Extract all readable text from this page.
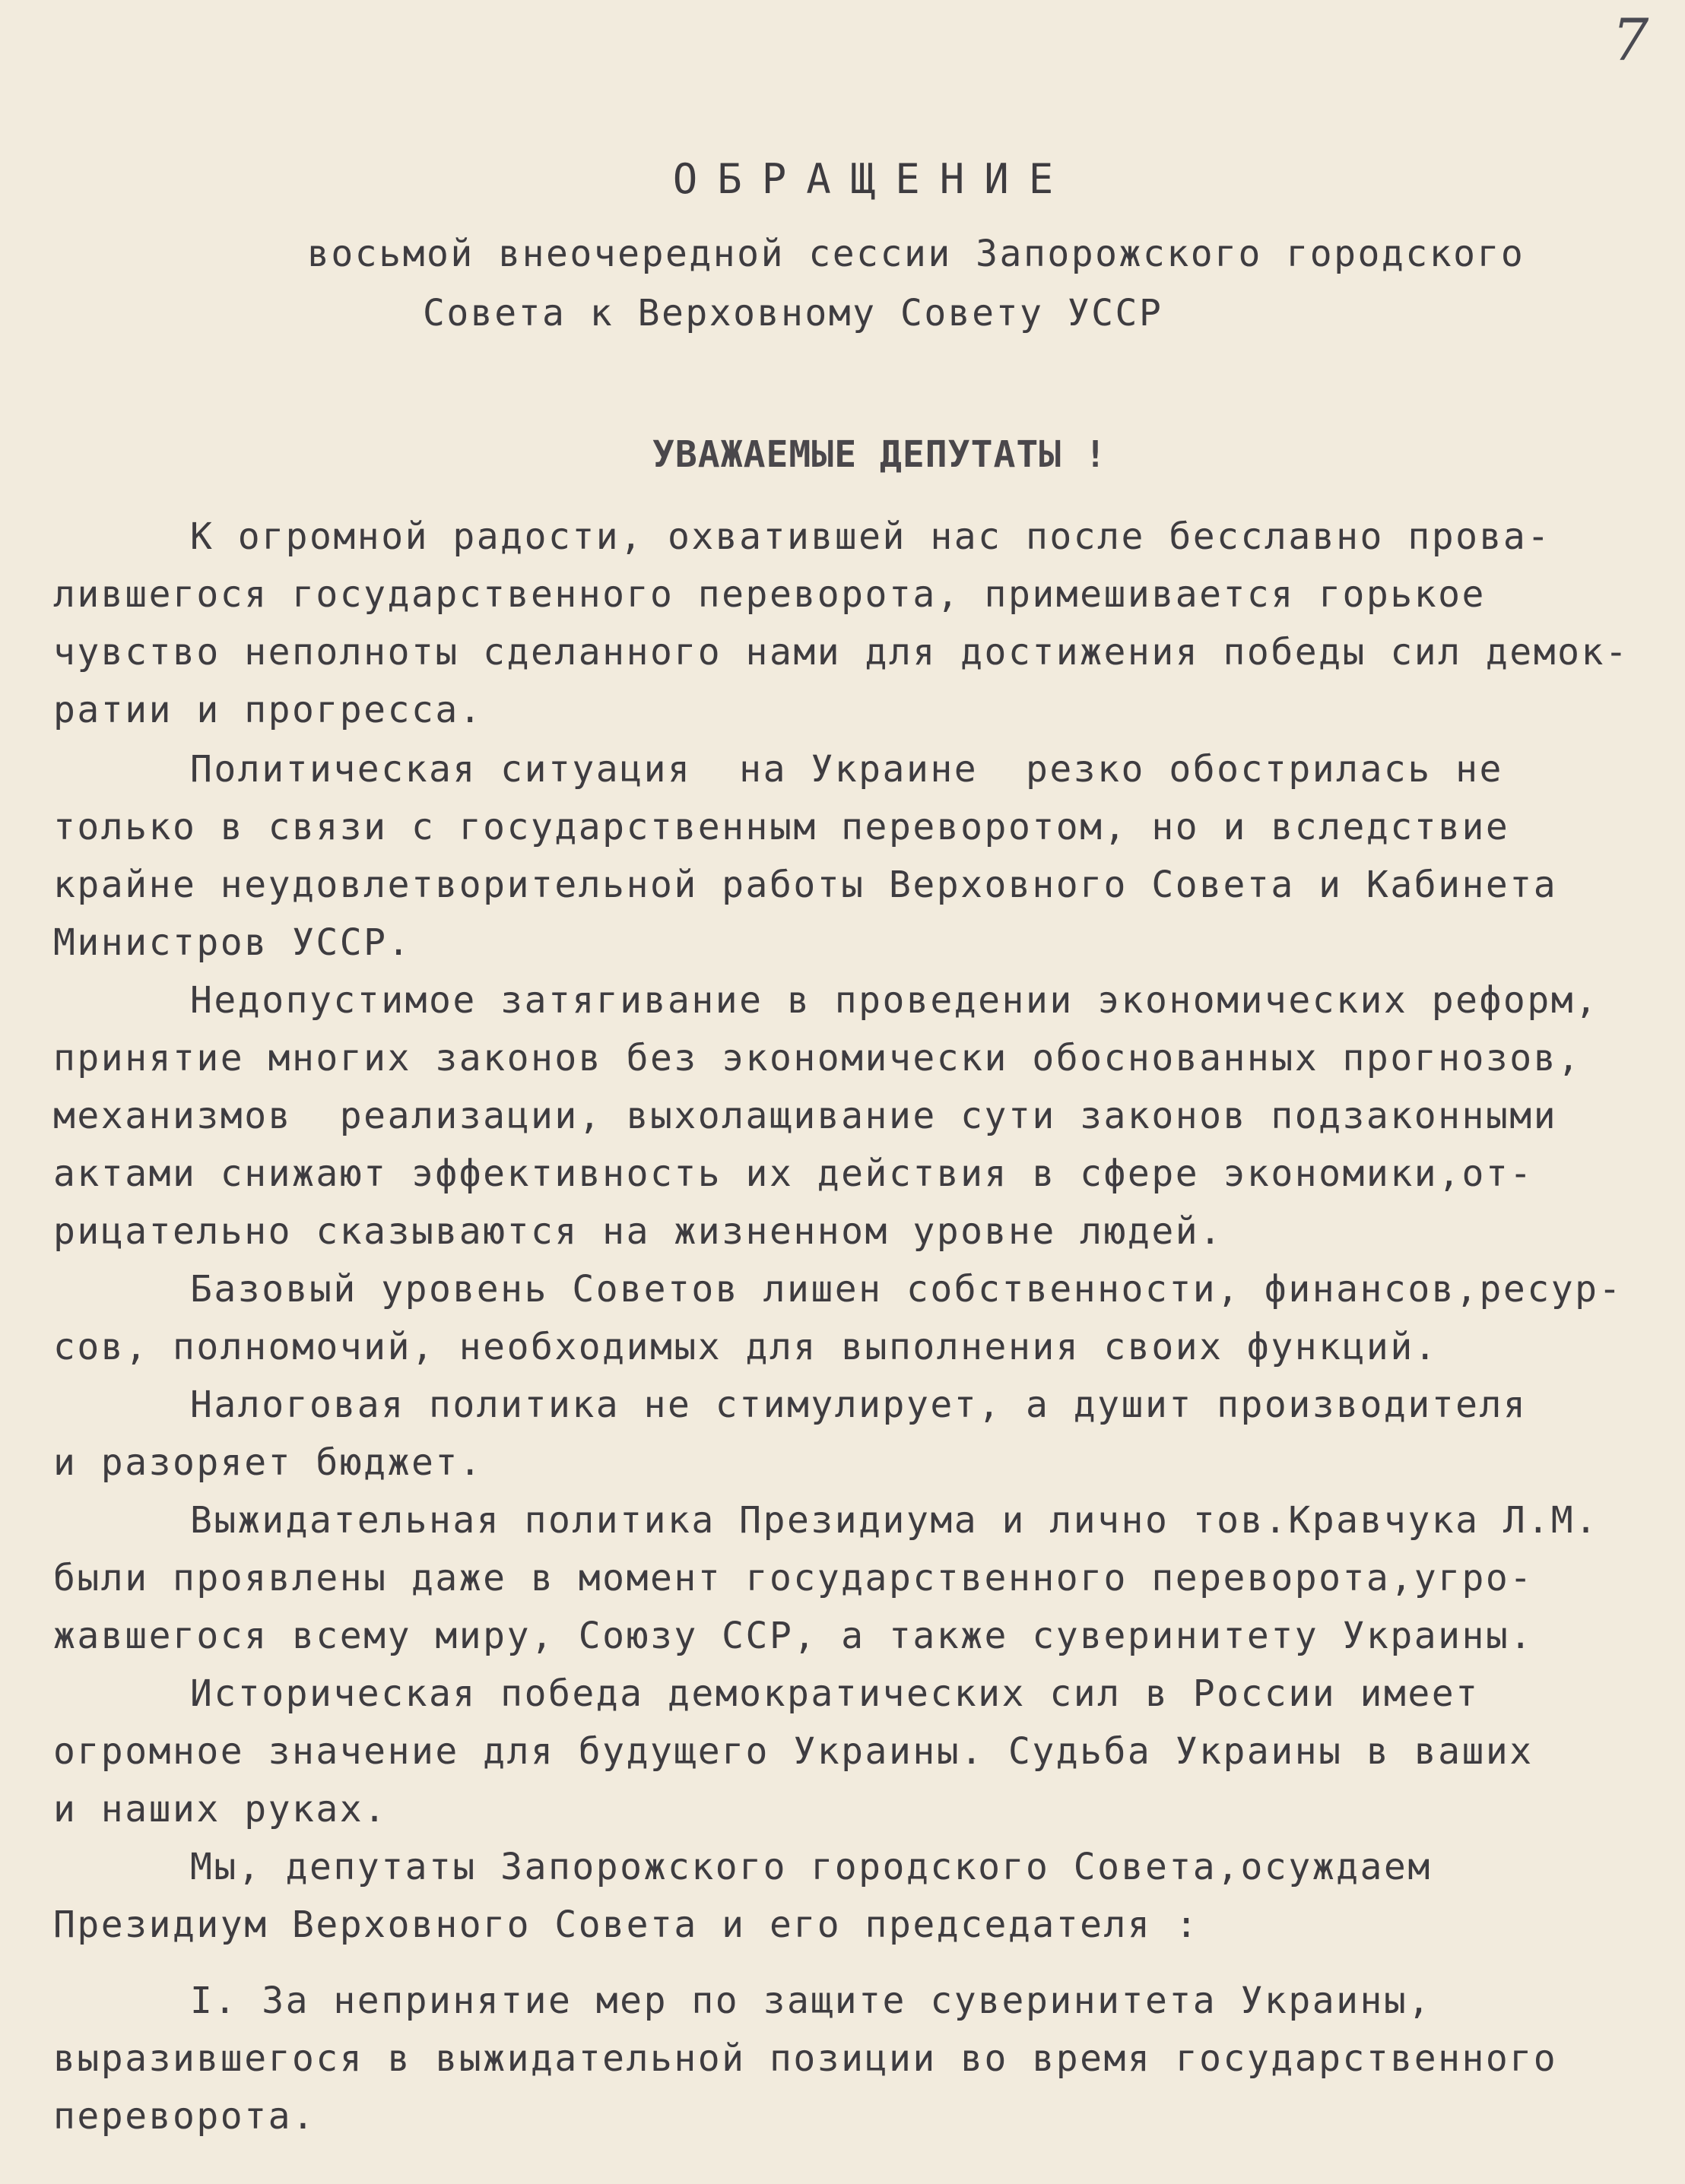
7
ОБРАЩЕНИЕ
восьмой внеочередной сессии Запорожского городского
Совета к Верховному Совету УССР
УВАЖАЕМЫЕ ДЕПУТАТЫ !
К огромной радости, охватившей нас после бесславно прова-
лившегося государственного переворота, примешивается горькое
чувство неполноты сделанного нами для достижения победы сил демок-
ратии и прогресса.
Политическая ситуация  на Украине  резко обострилась не
только в связи с государственным переворотом, но и вследствие
крайне неудовлетворительной работы Верховного Совета и Кабинета
Министров УССР.
Недопустимое затягивание в проведении экономических реформ,
принятие многих законов без экономически обоснованных прогнозов,
механизмов  реализации, выхолащивание сути законов подзаконными
актами снижают эффективность их действия в сфере экономики,от-
рицательно сказываются на жизненном уровне людей.
Базовый уровень Советов лишен собственности, финансов,ресур-
сов, полномочий, необходимых для выполнения своих функций.
Налоговая политика не стимулирует, а душит производителя
и разоряет бюджет.
Выжидательная политика Президиума и лично тов.Кравчука Л.М.
были проявлены даже в момент государственного переворота,угро-
жавшегося всему миру, Союзу ССР, а также суверинитету Украины.
Историческая победа демократических сил в России имеет
огромное значение для будущего Украины. Судьба Украины в ваших
и наших руках.
Мы, депутаты Запорожского городского Совета,осуждаем
Президиум Верховного Совета и его председателя :
I. За непринятие мер по защите суверинитета Украины,
выразившегося в выжидательной позиции во время государственного
переворота.
